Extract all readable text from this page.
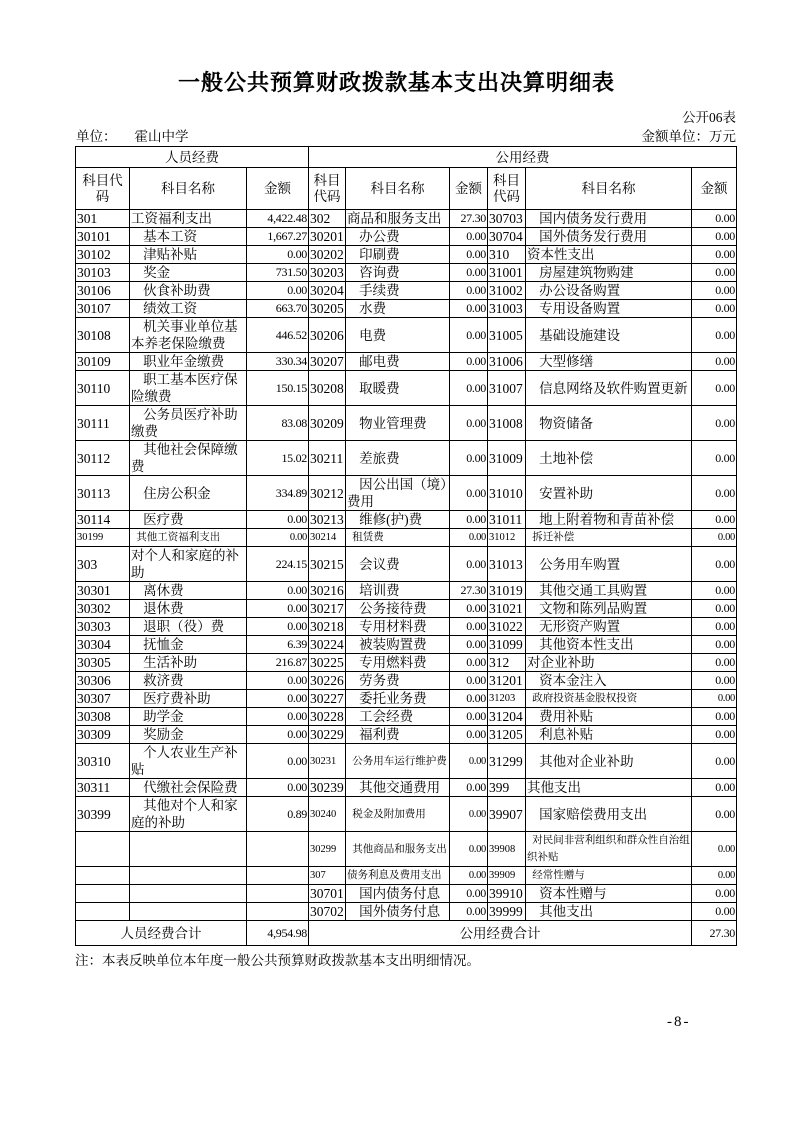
一般公共预算财政拨款基本支出决算明细表
公开06表
单位： 霍山中学	金额单位：万元
人员经费			公用经费					
科目代码	科目名称	金额	科目代码	科目名称	金额	科目代码	科目名称	金额
301	工资福利支出	4,422.48	302	商品和服务支出	27.30	30703	国内债务发行费用	0.00
30101	基本工资	1,667.27	30201	办公费	0.00	30704	国外债务发行费用	0.00
30102	津贴补贴	0.00	30202	印刷费	0.00	310	资本性支出	0.00
30103	奖金	731.50	30203	咨询费	0.00	31001	房屋建筑物购建	0.00
30106	伙食补助费	0.00	30204	手续费	0.00	31002	办公设备购置	0.00
30107	绩效工资	663.70	30205	水费	0.00	31003	专用设备购置	0.00
30108	机关事业单位基本养老保险缴费	446.52	30206	电费	0.00	31005	基础设施建设	0.00
30109	职业年金缴费	330.34	30207	邮电费	0.00	31006	大型修缮	0.00
30110	职工基本医疗保险缴费	150.15	30208	取暖费	0.00	31007	信息网络及软件购置更新	0.00
30111	公务员医疗补助缴费	83.08	30209	物业管理费	0.00	31008	物资储备	0.00
30112	其他社会保障缴费	15.02	30211	差旅费	0.00	31009	土地补偿	0.00
30113	住房公积金	334.89	30212	因公出国（境）费用	0.00	31010	安置补助	0.00
30114	医疗费	0.00	30213	维修(护)费	0.00	31011	地上附着物和青苗补偿	0.00
30199	其他工资福利支出	0.00	30214	租赁费	0.00	31012	拆迁补偿	0.00
303	对个人和家庭的补助	224.15	30215	会议费	0.00	31013	公务用车购置	0.00
30301	离休费	0.00	30216	培训费	27.30	31019	其他交通工具购置	0.00
30302	退休费	0.00	30217	公务接待费	0.00	31021	文物和陈列品购置	0.00
30303	退职（役）费	0.00	30218	专用材料费	0.00	31022	无形资产购置	0.00
30304	抚恤金	6.39	30224	被装购置费	0.00	31099	其他资本性支出	0.00
30305	生活补助	216.87	30225	专用燃料费	0.00	312	对企业补助	0.00
30306	救济费	0.00	30226	劳务费	0.00	31201	资本金注入	0.00
30307	医疗费补助	0.00	30227	委托业务费	0.00	31203	政府投资基金股权投资	0.00
30308	助学金	0.00	30228	工会经费	0.00	31204	费用补贴	0.00
30309	奖励金	0.00	30229	福利费	0.00	31205	利息补贴	0.00
30310	个人农业生产补贴	0.00	30231	公务用车运行维护费	0.00	31299	其他对企业补助	0.00
30311	代缴社会保险费	0.00	30239	其他交通费用	0.00	399	其他支出	0.00
30399	其他对个人和家庭的补助	0.89	30240	税金及附加费用	0.00	39907	国家赔偿费用支出	0.00
			30299	其他商品和服务支出	0.00	39908	对民间非营利组织和群众性自治组织补贴	0.00
			307	债务利息及费用支出	0.00	39909	经常性赠与	0.00
			30701	国内债务付息	0.00	39910	资本性赠与	0.00
			30702	国外债务付息	0.00	39999	其他支出	0.00
人员经费合计		4,954.98	公用经费合计					27.30
注：本表反映单位本年度一般公共预算财政拨款基本支出明细情况。
-8-
